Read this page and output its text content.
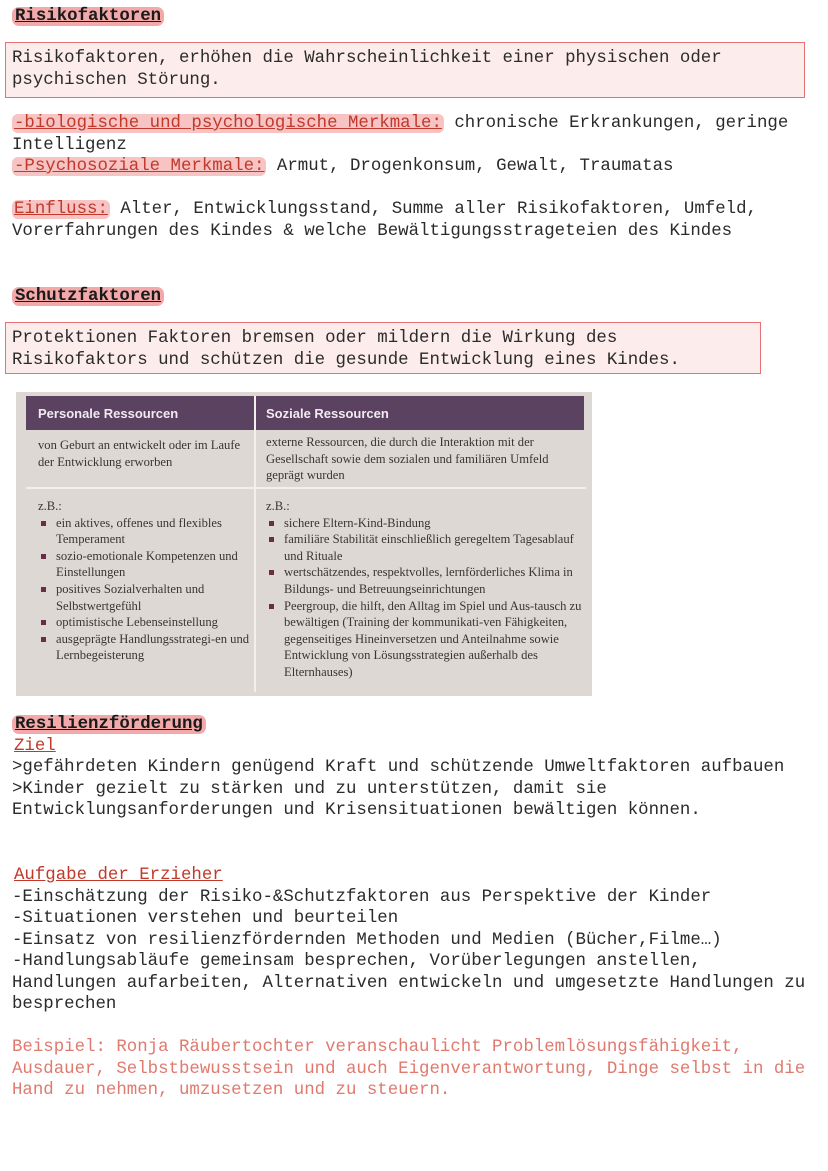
Risikofaktoren
Risikofaktoren, erhöhen die Wahrscheinlichkeit einer physischen oder psychischen Störung.
-biologische und psychologische Merkmale: chronische Erkrankungen, geringe Intelligenz
-Psychosoziale Merkmale: Armut, Drogenkonsum, Gewalt, Traumatas
Einfluss: Alter, Entwicklungsstand, Summe aller Risikofaktoren, Umfeld, Vorerfahrungen des Kindes & welche Bewältigungsstrageteien des Kindes
Schutzfaktoren
Protektionen Faktoren bremsen oder mildern die Wirkung des Risikofaktors und schützen die gesunde Entwicklung eines Kindes.
Personale Ressourcen	Soziale Ressourcen
von Geburt an entwickelt oder im Laufe der Entwicklung erworben
externe Ressourcen, die durch die Interaktion mit der Gesellschaft sowie dem sozialen und familiären Umfeld geprägt wurden
z.B.:
ein aktives, offenes und flexibles Temperament
sozio-emotionale Kompetenzen und Einstellungen
positives Sozialverhalten und Selbstwertgefühl
optimistische Lebenseinstellung
ausgeprägte Handlungsstrategi-en und Lernbegeisterung
z.B.:
sichere Eltern-Kind-Bindung
familiäre Stabilität einschließlich geregeltem Tagesablauf und Rituale
wertschätzendes, respektvolles, lernförderliches Klima in Bildungs- und Betreuungseinrichtungen
Peergroup, die hilft, den Alltag im Spiel und Aus-tausch zu bewältigen (Training der kommunikati-ven Fähigkeiten, gegenseitiges Hineinversetzen und Anteilnahme sowie Entwicklung von Lösungsstrategien außerhalb des Elternhauses)
Resilienzförderung
Ziel
>gefährdeten Kindern genügend Kraft und schützende Umweltfaktoren aufbauen
>Kinder gezielt zu stärken und zu unterstützen, damit sie Entwicklungsanforderungen und Krisensituationen bewältigen können.
Aufgabe der Erzieher
-Einschätzung der Risiko-&Schutzfaktoren aus Perspektive der Kinder
-Situationen verstehen und beurteilen
-Einsatz von resilienzfördernden Methoden und Medien (Bücher,Filme…)
-Handlungsabläufe gemeinsam besprechen, Vorüberlegungen anstellen, Handlungen aufarbeiten, Alternativen entwickeln und umgesetzte Handlungen zu besprechen
Beispiel: Ronja Räubertochter veranschaulicht Problemlösungsfähigkeit, Ausdauer, Selbstbewusstsein und auch Eigenverantwortung, Dinge selbst in die Hand zu nehmen, umzusetzen und zu steuern.
